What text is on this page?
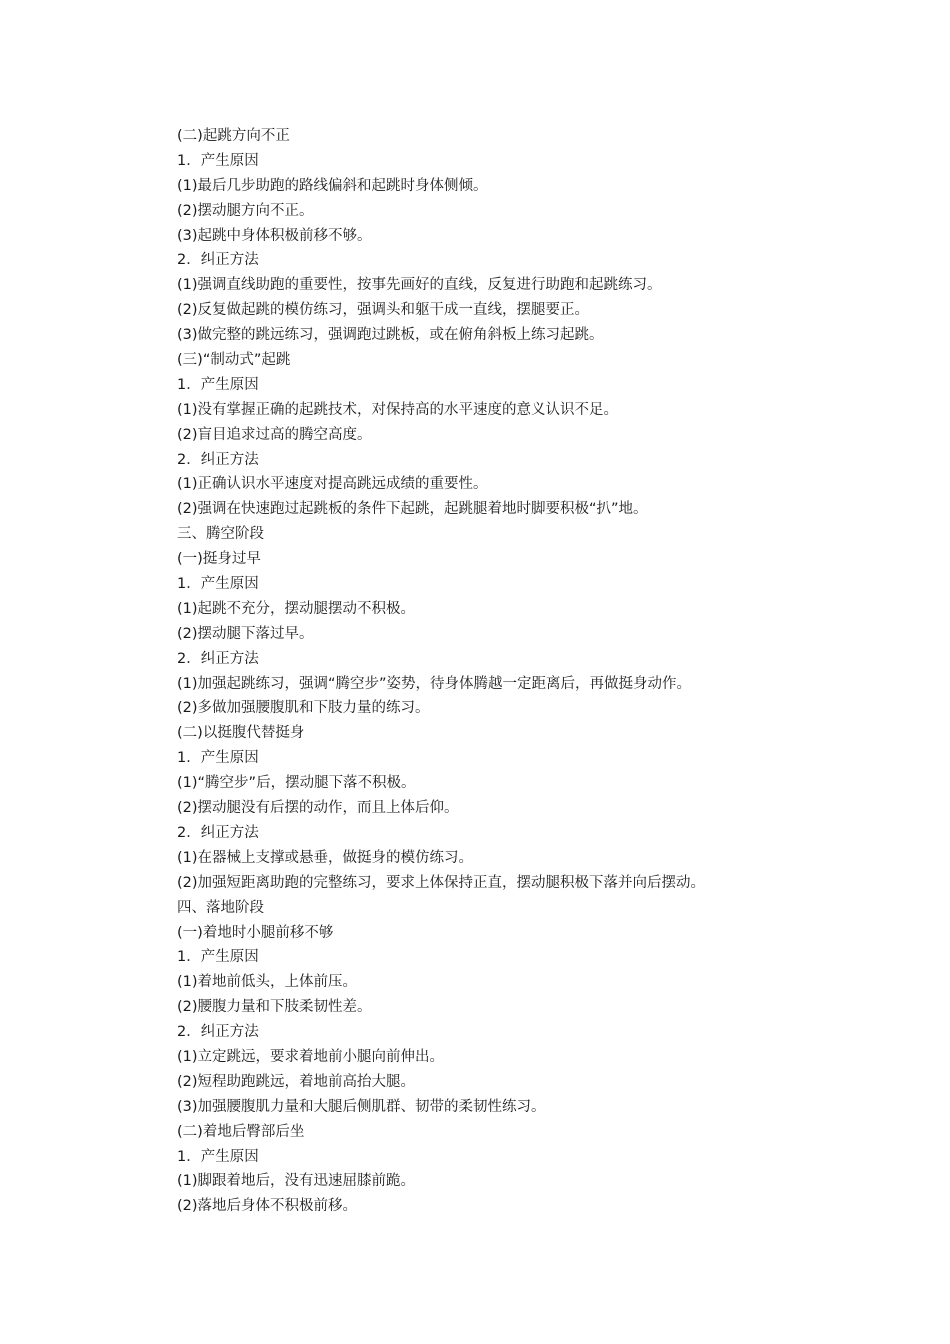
(二)起跳方向不正
1．产生原因
(1)最后几步助跑的路线偏斜和起跳时身体侧倾。
(2)摆动腿方向不正。
(3)起跳中身体积极前移不够。
2．纠正方法
(1)强调直线助跑的重要性，按事先画好的直线，反复进行助跑和起跳练习。
(2)反复做起跳的模仿练习，强调头和躯干成一直线，摆腿要正。
(3)做完整的跳远练习，强调跑过跳板，或在俯角斜板上练习起跳。
(三)“制动式”起跳
1．产生原因
(1)没有掌握正确的起跳技术，对保持高的水平速度的意义认识不足。
(2)盲目追求过高的腾空高度。
2．纠正方法
(1)正确认识水平速度对提高跳远成绩的重要性。
(2)强调在快速跑过起跳板的条件下起跳，起跳腿着地时脚要积极“扒”地。
三、腾空阶段
(一)挺身过早
1．产生原因
(1)起跳不充分，摆动腿摆动不积极。
(2)摆动腿下落过早。
2．纠正方法
(1)加强起跳练习，强调“腾空步”姿势，待身体腾越一定距离后，再做挺身动作。
(2)多做加强腰腹肌和下肢力量的练习。
(二)以挺腹代替挺身
1．产生原因
(1)“腾空步”后，摆动腿下落不积极。
(2)摆动腿没有后摆的动作，而且上体后仰。
2．纠正方法
(1)在器械上支撑或悬垂，做挺身的模仿练习。
(2)加强短距离助跑的完整练习，要求上体保持正直，摆动腿积极下落并向后摆动。
四、落地阶段
(一)着地时小腿前移不够
1．产生原因
(1)着地前低头，上体前压。
(2)腰腹力量和下肢柔韧性差。
2．纠正方法
(1)立定跳远，要求着地前小腿向前伸出。
(2)短程助跑跳远，着地前高抬大腿。
(3)加强腰腹肌力量和大腿后侧肌群、韧带的柔韧性练习。
(二)着地后臀部后坐
1．产生原因
(1)脚跟着地后，没有迅速屈膝前跪。
(2)落地后身体不积极前移。
